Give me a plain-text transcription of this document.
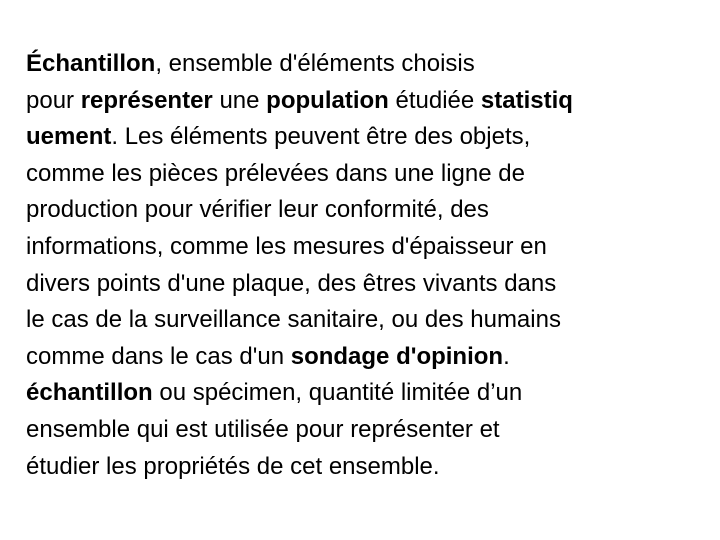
Échantillon, ensemble d'éléments choisis
pour représenter une population étudiée statistiq
uement. Les éléments peuvent être des objets,
comme les pièces prélevées dans une ligne de
production pour vérifier leur conformité, des
informations, comme les mesures d'épaisseur en
divers points d'une plaque, des êtres vivants dans
le cas de la surveillance sanitaire, ou des humains
comme dans le cas d'un sondage d'opinion.
échantillon ou spécimen, quantité limitée d’un
ensemble qui est utilisée pour représenter et
étudier les propriétés de cet ensemble.
